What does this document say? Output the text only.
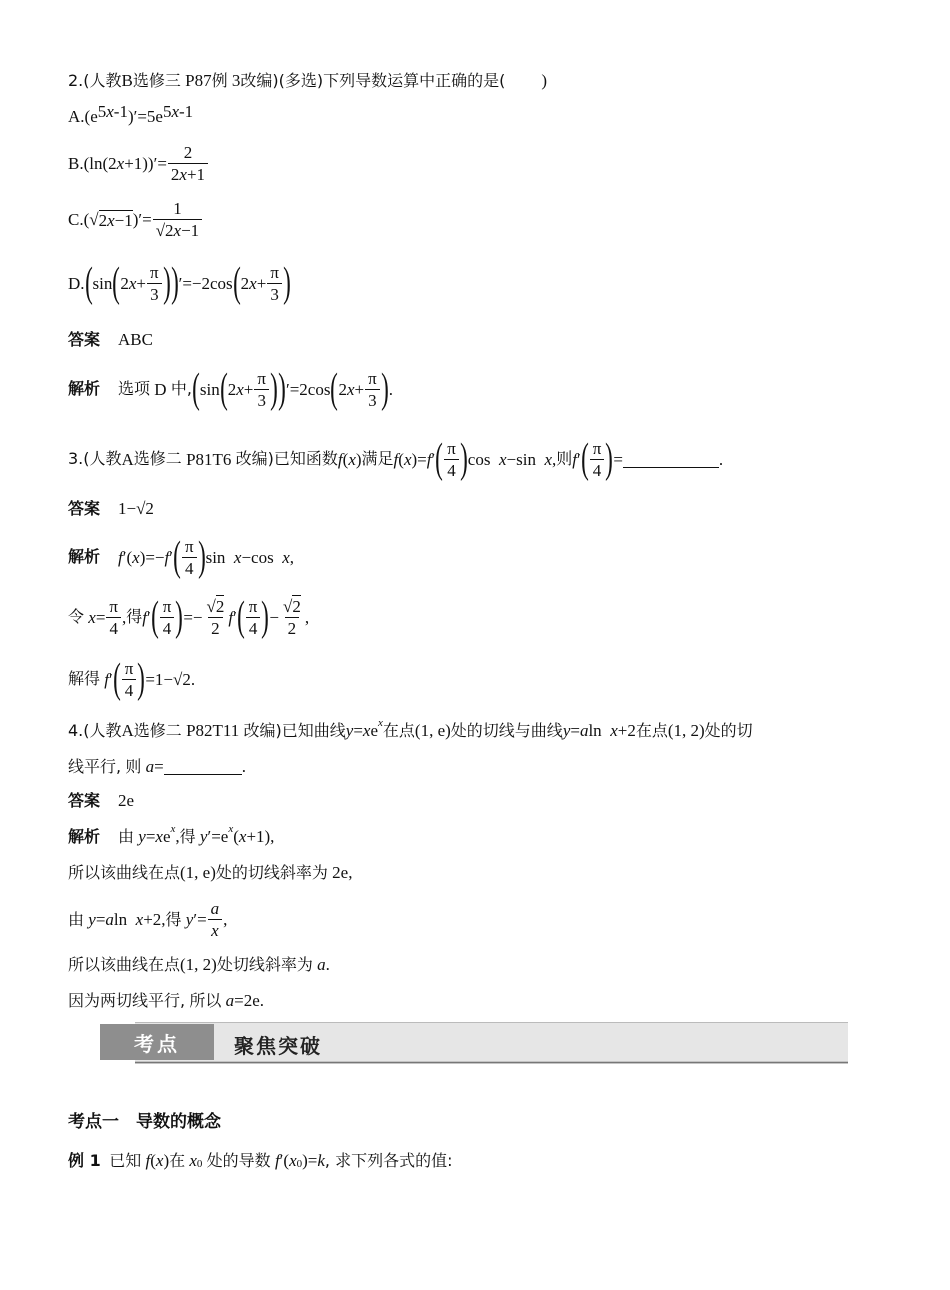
2.(人教 B 选修三
P87 例
3 改编)(多选)下列导数运算中正确的是( )
A.(e 5x-1 )′=5e 5x-1
B.(ln(2 $x +1))'= \frac{2}{2x+1}$
C.( √ 2x−1 )′= $\frac{1}{√2x-1}$
D. ( sin ( 2 $x + \frac{\pi}{3}$ ) ) ′=−2cos ( 2 $x + \frac{\pi}{3}$ )
答案 ABC
解析 选项 D 中, ( sin ( 2 $x + \frac{\pi}{3}$ ) ) ′ =2cos ( 2 $x + \frac{\pi}{3}$ ) .
3.(人教 A 选修二 P81T6 改编)已知函数 f ( x ) 满足 f ( x )= f ′ ( $\frac{\pi}{4}$ ) cos x −sin x , 则 f ′ ( $\frac{\pi}{4}$ ) =	.
答案 1−√2
解析 f ′( x )=− f ′ ( $\frac{\pi}{4}$ ) sin x −cos x ,
令
$x = \frac{\pi}{4}$ , 得 f ′ ( $\frac{\pi}{4}$ ) =− $\frac{√2}{2}$ f ′ ( $\frac{\pi}{4}$ ) − $\frac{√2}{2}$ ,
解得
f ′ ( $\frac{\pi}{4}$ ) =1−√2.
4.(人教 A 选修二 P82T11 改编)已知曲线 y = x e x 在点 (1, e) 处的切线与曲线 y = a ln x +2 在点 (1, 2) 处的切
线平行,
则
a =	.
答案 2e
解析 由
y = x e x , 得
y ′=e x ( x +1),
所以该曲线在点 (1, e) 处的切线斜率为 2e,
由
y = a ln x +2, 得
y ′= $\frac{a}{x}$ ,
所以该曲线在点 (1, 2) 处切线斜率为
a .
因为两切线平行,
所以
a =2e.
考点	聚焦突破
考点一　导数的概念
例 1
已知
f ( x ) 在
x 0
处的导数
f ′( x 0 )= k , 求下列各式的值:
